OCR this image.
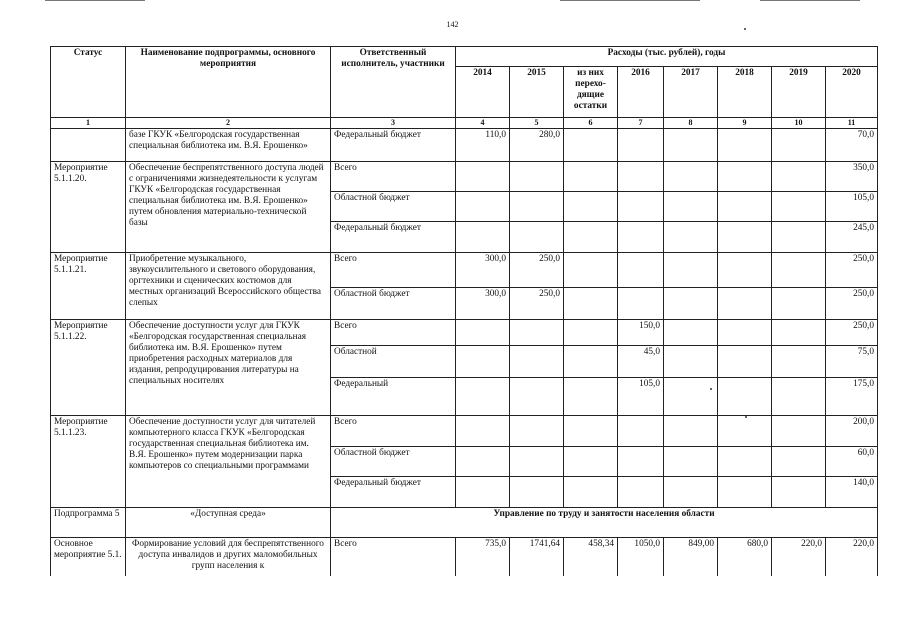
142
Статус	Наименование подпрограммы, основного мероприятия	Ответственный исполнитель, участники	Расходы (тыс. рублей), годы							
			2014	2015	из них перехо-дящие остатки	2016	2017	2018	2019	2020
1	2	3	4	5	6	7	8	9	10	11
	базе ГКУК «Белгородская государственная специальная библиотека им. В.Я. Ерошенко»	Федеральный бюджет	110,0	280,0						70,0
Мероприятие 5.1.1.20.	Обеспечение беспрепятственного доступа людей с ограничениями жизнедеятельности к услугам ГКУК «Белгородская государственная специальная библиотека им. В.Я. Ерошенко» путем обновления материально-технической базы	Всего								350,0
		Областной бюджет								105,0
		Федеральный бюджет								245,0
Мероприятие 5.1.1.21.	Приобретение музыкального, звукоусилительного и светового оборудования, оргтехники и сценических костюмов для местных организаций Всероссийского общества слепых	Всего	300,0	250,0						250,0
		Областной бюджет	300,0	250,0						250,0
Мероприятие 5.1.1.22.	Обеспечение доступности услуг для ГКУК «Белгородская государственная специальная библиотека им. В.Я. Ерошенко» путем приобретения расходных материалов для издания, репродуцирования литературы на специальных носителях	Всего				150,0				250,0
		Областной				45,0				75,0
		Федеральный				105,0				175,0
Мероприятие 5.1.1.23.	Обеспечение доступности услуг для читателей компьютерного класса ГКУК «Белгородская государственная специальная библиотека им. В.Я. Ерошенко» путем модернизации парка компьютеров со специальными программами	Всего								200,0
		Областной бюджет								60,0
		Федеральный бюджет								140,0
Подпрограмма 5	«Доступная среда»	Управление по труду и занятости населения области								
Основное мероприятие 5.1.	Формирование условий для беспрепятственного доступа инвалидов и других маломобильных групп населения к	Всего	735,0	1741,64	458,34	1050,0	849,00	680,0	220,0	220,0
